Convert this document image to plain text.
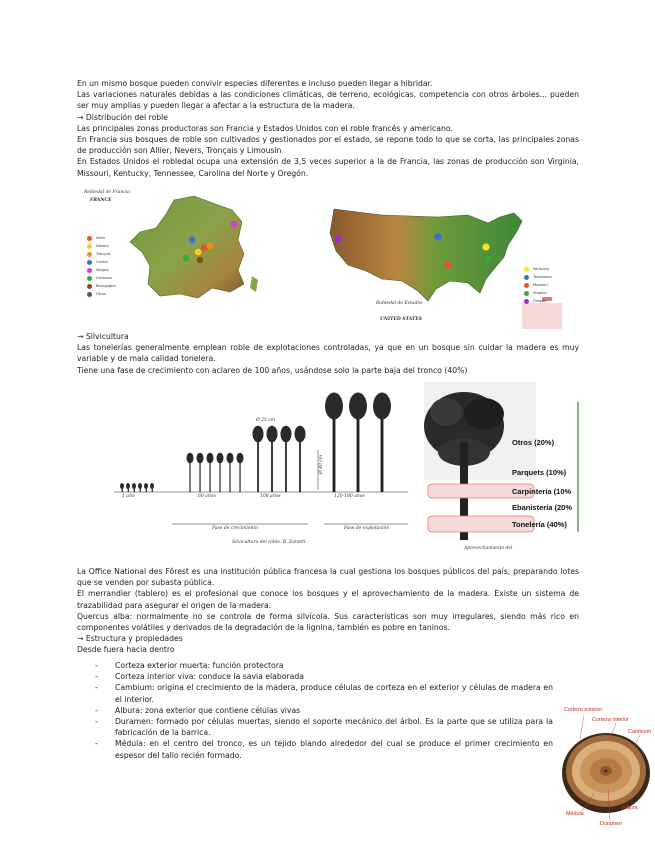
En un mismo bosque pueden convivir especies diferentes e incluso pueden llegar a hibridar.
Las variaciones naturales debidas a las condiciones climáticas, de terreno, ecológicas, competencia con otros árboles... pueden ser muy amplias y pueden llegar a afectar a la estructura de la madera.
→ Distribución del roble
Las principales zonas productoras son Francia y Estados Unidos con el roble francés y americano.
En Francia sus bosques de roble son cultivados y gestionados por el estado, se repone todo lo que se corta, las principales zonas de producción son Allier, Nevers, Tronçais y Limousin
En Estados Unidos el robledal ocupa una extensión de 3,5 veces superior a la de Francia, las zonas de producción son Virginia, Missouri, Kentucky, Tennessee, Carolina del Norte y Oregón.
Robledal de Francia
FRANCE
Allier
Nevers
Tronçais
Centre
Vosges
Limousin
Bourgogne
Otros
Robledal de Estados
UNITED STATES
Kentucky
Tennessee
Missouri
Virginia
Oregón
→ Silvicultura
Las tonelerías generalmente emplean roble de explotaciones controladas, ya que en un bosque sin cuidar la madera es muy variable y de mala calidad tonelera.
Tiene una fase de crecimiento con aclareo de 100 años, usándose solo la parte baja del tronco (40%)
1 año	60 años	100 años	120-180 años
Ø 25 cm
Ø 40 cm
Fase de crecimiento	Fase de explotación
Silvicultura del roble. B. Zanetti.
Otros (20%)
Parquets (10%)
Carpintería (10%
Ebanistería (20%
Tonelería (40%)
Aprovechamiento del
La Office National des Fôrest es una institución pública francesa la cual gestiona los bosques públicos del país, preparando lotes que se venden por subasta pública.
El merrandier (tablero) es el profesional que conoce los bosques y el aprovechamiento de la madera. Existe un sistema de trazabilidad para asegurar el origen de la madera.
Quercus alba: normalmente no se controla de forma silvícola. Sus características son muy irregulares, siendo más rico en componentes volátiles y derivados de la degradación de la lignina, también es pobre en taninos.
→ Estructura y propiedades
Desde fuera hacia dentro
- Corteza exterior muerta: función protectora
- Corteza interior viva: conduce la savia elaborada
- Cambium: origina el crecimiento de la madera, produce células de corteza en el exterior y células de madera en el interior.
- Albura: zona exterior que contiene células vivas
- Duramen: formado por células muertas, siendo el soporte mecánico del árbol. Es la parte que se utiliza para la fabricación de la barrica.
- Médula: en el centro del tronco, es un tejido blando alrededor del cual se produce el primer crecimiento en espesor del tallo recién formado.
Corteza exterior
Corteza interior
Cambium
Albura
Médula
Duramen
